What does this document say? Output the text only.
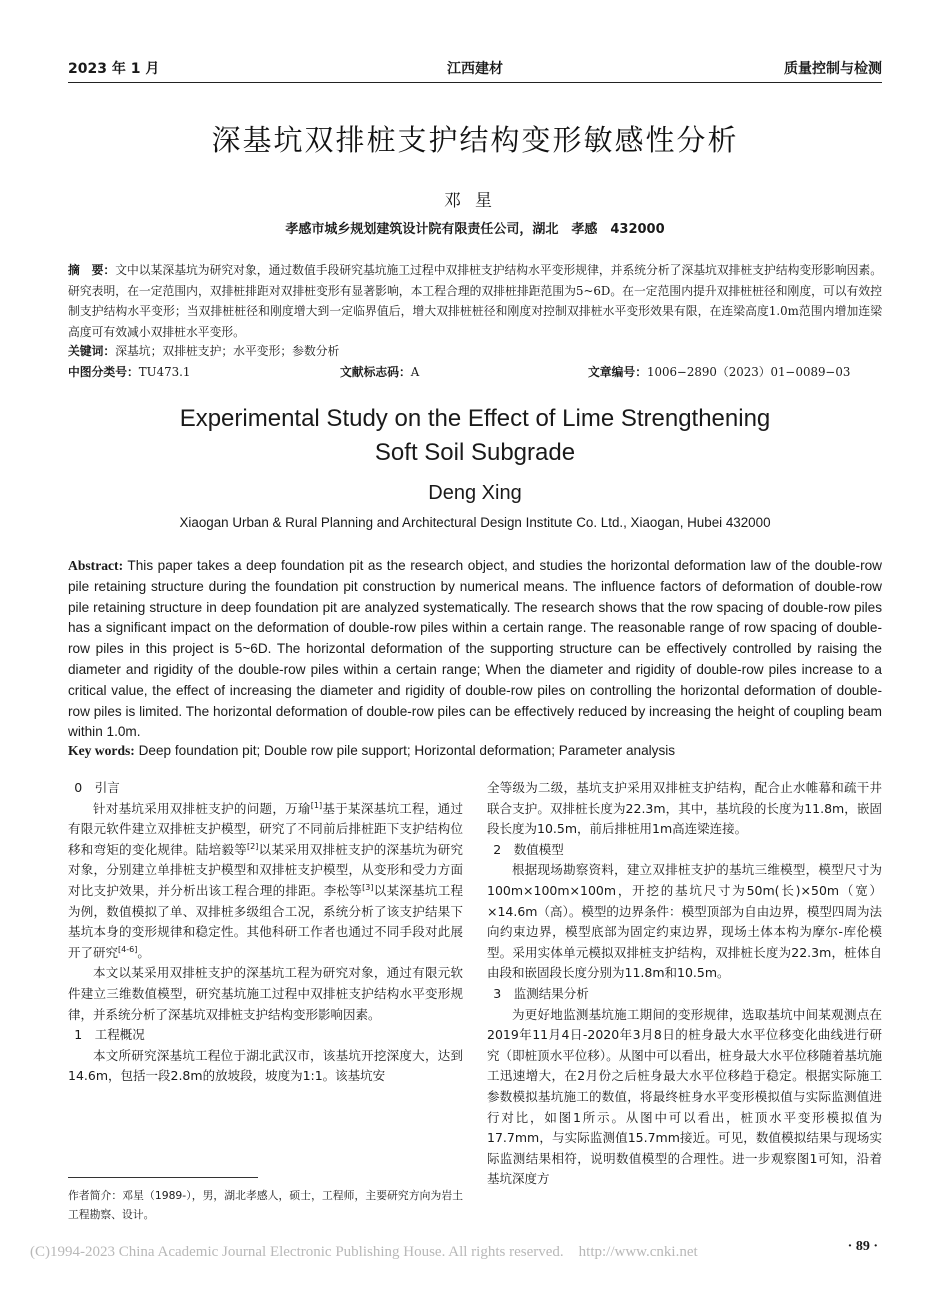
2023 年 1 月	江西建材	质量控制与检测
深基坑双排桩支护结构变形敏感性分析
邓星
孝感市城乡规划建筑设计院有限责任公司，湖北　孝感　432000
摘　要：文中以某深基坑为研究对象，通过数值手段研究基坑施工过程中双排桩支护结构水平变形规律，并系统分析了深基坑双排桩支护结构变形影响因素。研究表明，在一定范围内，双排桩排距对双排桩变形有显著影响，本工程合理的双排桩排距范围为5~6D。在一定范围内提升双排桩桩径和刚度，可以有效控制支护结构水平变形；当双排桩桩径和刚度增大到一定临界值后，增大双排桩桩径和刚度对控制双排桩水平变形效果有限，在连梁高度1.0m范围内增加连梁高度可有效减小双排桩水平变形。
关键词：深基坑；双排桩支护；水平变形；参数分析
中图分类号：TU473.1	文献标志码：A	文章编号：1006−2890（2023）01−0089−03
Experimental Study on the Effect of Lime Strengthening
Soft Soil Subgrade
Deng Xing
Xiaogan Urban & Rural Planning and Architectural Design Institute Co. Ltd., Xiaogan, Hubei 432000
Abstract: This paper takes a deep foundation pit as the research object, and studies the horizontal deformation law of the double-row pile retaining structure during the foundation pit construction by numerical means. The influence factors of deformation of double-row pile retaining structure in deep foundation pit are analyzed systematically. The research shows that the row spacing of double-row piles has a significant impact on the deformation of double-row piles within a certain range. The reasonable range of row spacing of double-row piles in this project is 5~6D. The horizontal deformation of the supporting structure can be effectively controlled by raising the diameter and rigidity of the double-row piles within a certain range; When the diameter and rigidity of double-row piles increase to a critical value, the effect of increasing the diameter and rigidity of double-row piles on controlling the horizontal deformation of double-row piles is limited. The horizontal deformation of double-row piles can be effectively reduced by increasing the height of coupling beam within 1.0m.
Key words: Deep foundation pit; Double row pile support; Horizontal deformation; Parameter analysis
0　引言

针对基坑采用双排桩支护的问题，万瑜[1]基于某深基坑工程，通过有限元软件建立双排桩支护模型，研究了不同前后排桩距下支护结构位移和弯矩的变化规律。陆培毅等[2]以某采用双排桩支护的深基坑为研究对象，分别建立单排桩支护模型和双排桩支护模型，从变形和受力方面对比支护效果，并分析出该工程合理的排距。李松等[3]以某深基坑工程为例，数值模拟了单、双排桩多级组合工况，系统分析了该支护结果下基坑本身的变形规律和稳定性。其他科研工作者也通过不同手段对此展开了研究[4-6]。

本文以某采用双排桩支护的深基坑工程为研究对象，通过有限元软件建立三维数值模型，研究基坑施工过程中双排桩支护结构水平变形规律，并系统分析了深基坑双排桩支护结构变形影响因素。

1　工程概况

本文所研究深基坑工程位于湖北武汉市，该基坑开挖深度大，达到14.6m，包括一段2.8m的放坡段，坡度为1:1。该基坑安

全等级为二级，基坑支护采用双排桩支护结构，配合止水帷幕和疏干井联合支护。双排桩长度为22.3m，其中，基坑段的长度为11.8m，嵌固段长度为10.5m，前后排桩用1m高连梁连接。

2　数值模型

根据现场勘察资料，建立双排桩支护的基坑三维模型，模型尺寸为100m×100m×100m，开挖的基坑尺寸为50m(长)×50m（宽）×14.6m（高）。模型的边界条件：模型顶部为自由边界，模型四周为法向约束边界，模型底部为固定约束边界，现场土体本构为摩尔-库伦模型。采用实体单元模拟双排桩支护结构，双排桩长度为22.3m，桩体自由段和嵌固段长度分别为11.8m和10.5m。

3　监测结果分析

为更好地监测基坑施工期间的变形规律，选取基坑中间某观测点在2019年11月4日-2020年3月8日的桩身最大水平位移变化曲线进行研究（即桩顶水平位移）。从图中可以看出，桩身最大水平位移随着基坑施工迅速增大，在2月份之后桩身最大水平位移趋于稳定。根据实际施工参数模拟基坑施工的数值，将最终桩身水平变形模拟值与实际监测值进行对比，如图1所示。从图中可以看出，桩顶水平变形模拟值为17.7mm，与实际监测值15.7mm接近。可见，数值模拟结果与现场实际监测结果相符，说明数值模型的合理性。进一步观察图1可知，沿着基坑深度方

作者简介：邓星（1989-），男，湖北孝感人，硕士，工程师，主要研究方向为岩土工程勘察、设计。
(C)1994-2023 China Academic Journal Electronic Publishing House. All rights reserved.　http://www.cnki.net	· 89 ·
